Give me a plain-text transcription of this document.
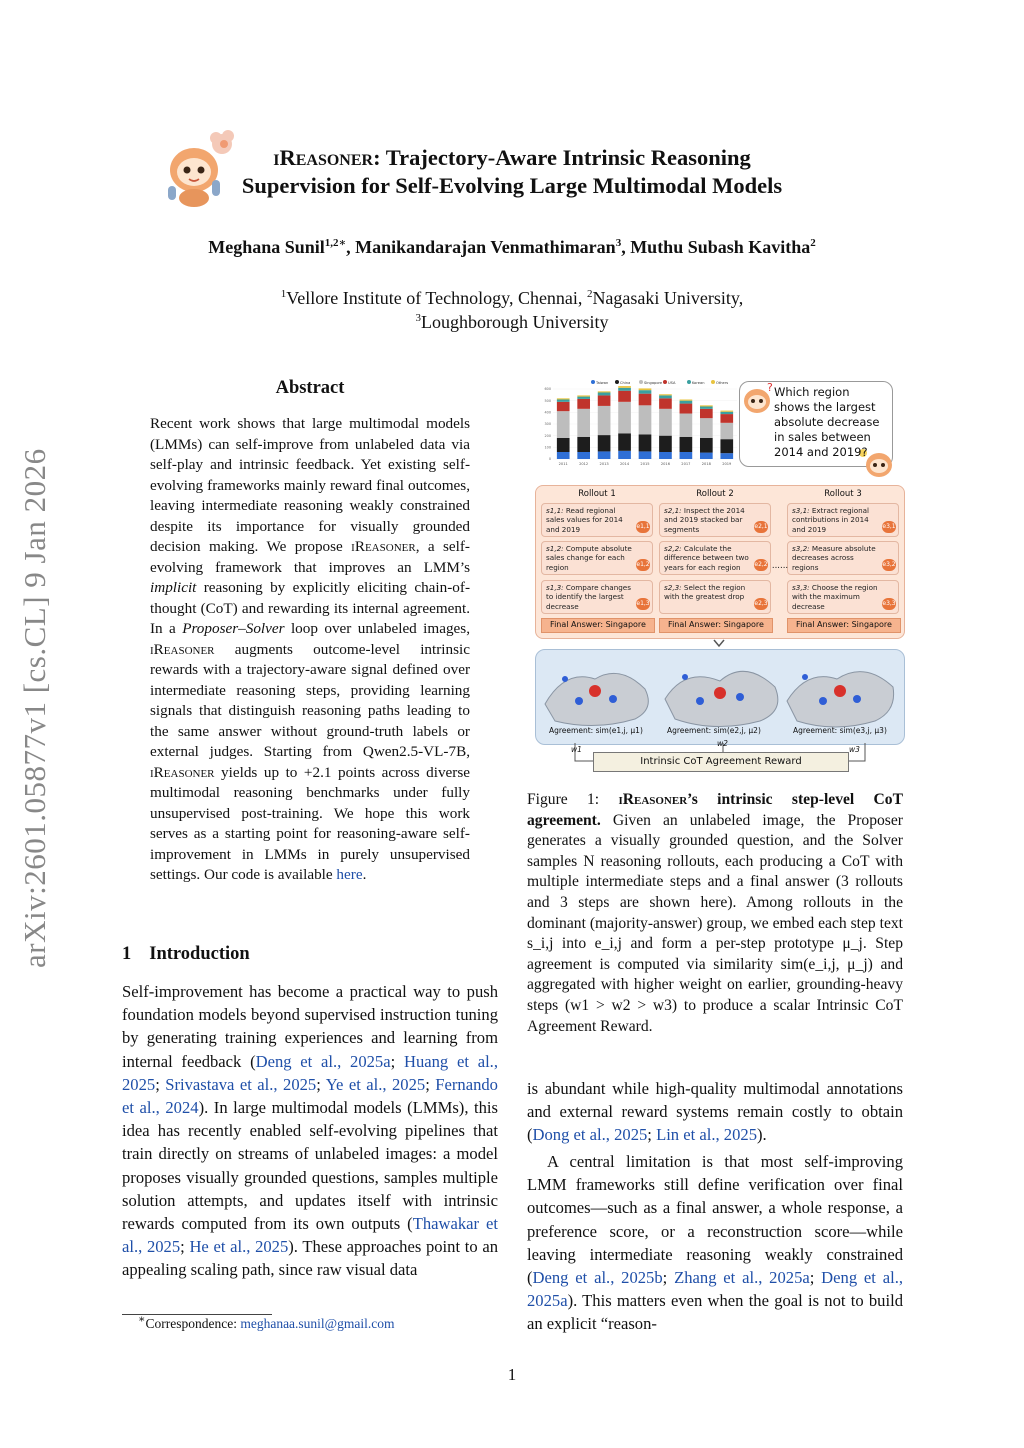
arXiv:2601.05877v1 [cs.CL] 9 Jan 2026
iReasoner: Trajectory-Aware Intrinsic Reasoning
Supervision for Self-Evolving Large Multimodal Models
Meghana Sunil$^{1,2∗}$, Manikandarajan Venmathimaran$^3$, Muthu Subash Kavitha$^2$
$^1$Vellore Institute of Technology, Chennai, $^2$Nagasaki University,
$^3$Loughborough University
Abstract
Recent work shows that large multimodal models (LMMs) can self-improve from unlabeled data via self-play and intrinsic feedback. Yet existing self-evolving frameworks mainly reward final outcomes, leaving intermediate reasoning weakly constrained despite its importance for visually grounded decision making. We propose iReasoner, a self-evolving framework that improves an LMM’s implicit reasoning by explicitly eliciting chain-of-thought (CoT) and rewarding its internal agreement. In a Proposer–Solver loop over unlabeled images, iReasoner augments outcome-level intrinsic rewards with a trajectory-aware signal defined over intermediate reasoning steps, providing learning signals that distinguish reasoning paths leading to the same answer without ground-truth labels or external judges. Starting from Qwen2.5-VL-7B, iReasoner yields up to +2.1 points across diverse multimodal reasoning benchmarks under fully unsupervised post-training. We hope this work serves as a starting point for reasoning-aware self-improvement in LMMs in purely unsupervised settings. Our code is available here.
1 Introduction
Self-improvement has become a practical way to push foundation models beyond supervised instruction tuning by generating training experiences and learning from internal feedback (Deng et al., 2025a; Huang et al., 2025; Srivastava et al., 2025; Ye et al., 2025; Fernando et al., 2024). In large multimodal models (LMMs), this idea has recently enabled self-evolving pipelines that train directly on streams of unlabeled images: a model proposes visually grounded questions, samples multiple solution attempts, and updates itself with intrinsic rewards computed from its own outputs (Thawakar et al., 2025; He et al., 2025). These approaches point to an appealing scaling path, since raw visual data
∗Correspondence: meghanaa.sunil@gmail.com
is abundant while high-quality multimodal annotations and external reward systems remain costly to obtain (Dong et al., 2025; Lin et al., 2025).
A central limitation is that most self-improving LMM frameworks still define verification over final outcomes—such as a final answer, a whole response, a preference score, or a reconstruction score—while leaving intermediate reasoning weakly constrained (Deng et al., 2025b; Zhang et al., 2025a; Deng et al., 2025a). This matters even when the goal is not to build an explicit “reason-
Taiwan	China	Singapore USA	Korean	Others
0
100
200
300
400
500
600
2011	2012	2013	2014	2015	2016	2017	2018	2019
? Which region shows the largest absolute decrease in sales between 2014 and 2019?
Rollout 1
s1,1: Read regional sales values for 2014 and 2019	e1,1
s1,2: Compute absolute sales change for each region	e1,2
s1,3: Compare changes to identify the largest decrease	e1,3
Final Answer: Singapore
Rollout 2
s2,1: Inspect the 2014 and 2019 stacked bar segments	e2,1
s2,2: Calculate the difference between two years for each region e2,2
s2,3: Select the region with the greatest drop
e2,3
Final Answer: Singapore
Rollout 3
s3,1: Extract regional contributions in 2014 and 2019	e3,1
s3,2: Measure absolute decreases across regions	e3,2
s3,3: Choose the region with the maximum decrease	e3,3
Final Answer: Singapore
......
Agreement: sim(e1,j, μ1)	Agreement: sim(e2,j, μ2)	Agreement: sim(e3,j, μ3)
w1
w2
w3
Intrinsic CoT Agreement Reward
Figure 1: iReasoner’s intrinsic step-level CoT agreement. Given an unlabeled image, the Proposer generates a visually grounded question, and the Solver samples N reasoning rollouts, each producing a CoT with multiple intermediate steps and a final answer (3 rollouts and 3 steps are shown here). Among rollouts in the dominant (majority-answer) group, we embed each step text s_i,j into e_i,j and form a per-step prototype μ_j. Step agreement is computed via similarity sim(e_i,j, μ_j) and aggregated with higher weight on earlier, grounding-heavy steps (w1 > w2 > w3) to produce a scalar Intrinsic CoT Agreement Reward.
1
